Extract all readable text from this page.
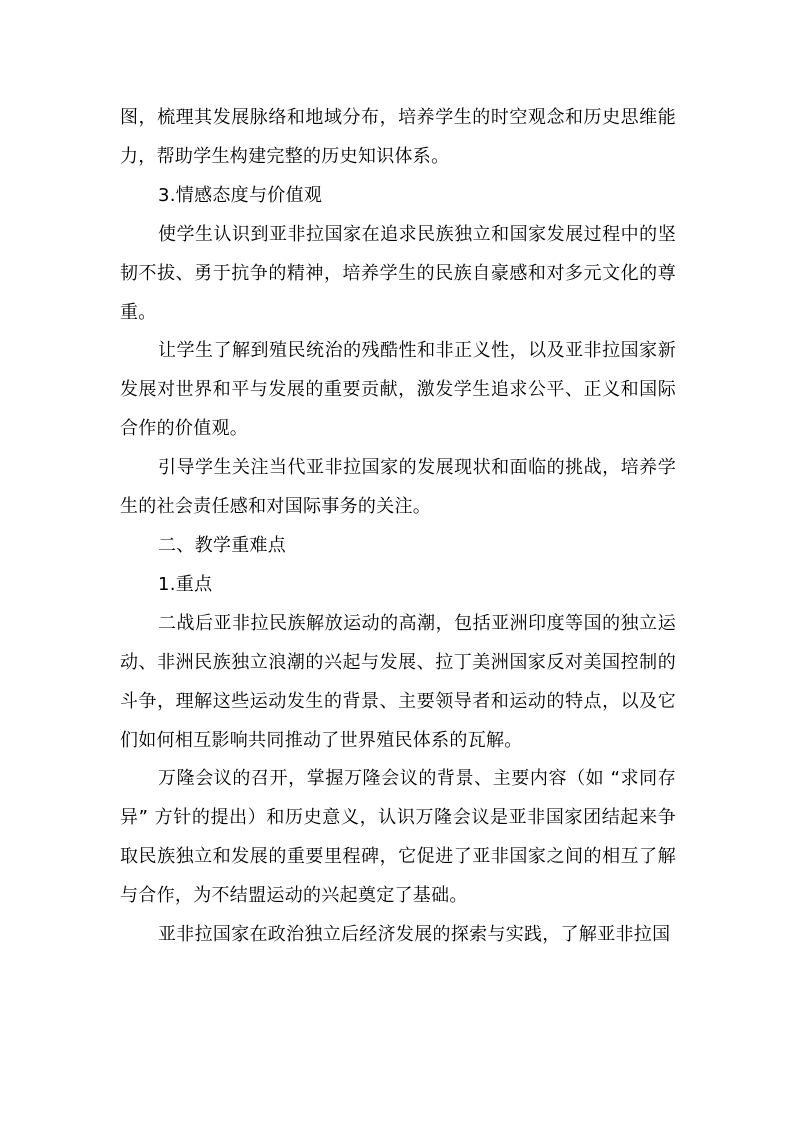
图，梳理其发展脉络和地域分布，培养学生的时空观念和历史思维能力，帮助学生构建完整的历史知识体系。

3.情感态度与价值观

使学生认识到亚非拉国家在追求民族独立和国家发展过程中的坚韧不拔、勇于抗争的精神，培养学生的民族自豪感和对多元文化的尊重。

让学生了解到殖民统治的残酷性和非正义性，以及亚非拉国家新发展对世界和平与发展的重要贡献，激发学生追求公平、正义和国际合作的价值观。

引导学生关注当代亚非拉国家的发展现状和面临的挑战，培养学生的社会责任感和对国际事务的关注。

二、教学重难点

1.重点

二战后亚非拉民族解放运动的高潮，包括亚洲印度等国的独立运动、非洲民族独立浪潮的兴起与发展、拉丁美洲国家反对美国控制的斗争，理解这些运动发生的背景、主要领导者和运动的特点，以及它们如何相互影响共同推动了世界殖民体系的瓦解。

万隆会议的召开，掌握万隆会议的背景、主要内容（如 “求同存异” 方针的提出）和历史意义，认识万隆会议是亚非国家团结起来争取民族独立和发展的重要里程碑，它促进了亚非国家之间的相互了解与合作，为不结盟运动的兴起奠定了基础。

亚非拉国家在政治独立后经济发展的探索与实践，了解亚非拉国
